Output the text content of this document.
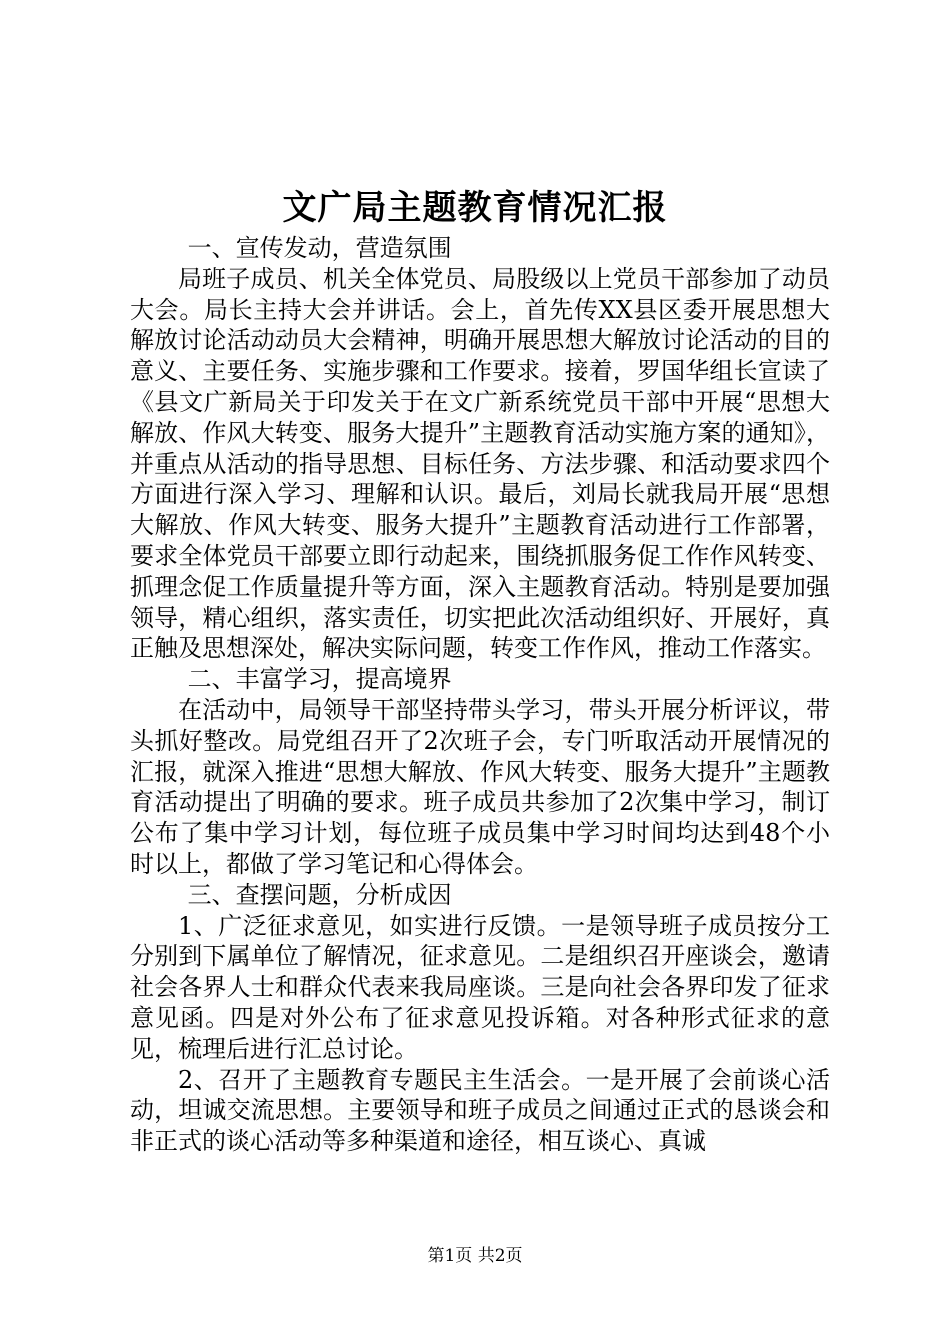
文广局主题教育情况汇报

一、宣传发动，营造氛围

局班子成员、机关全体党员、局股级以上党员干部参加了动员大会。局长主持大会并讲话。会上，首先传XX县区委开展思想大解放讨论活动动员大会精神，明确开展思想大解放讨论活动的目的意义、主要任务、实施步骤和工作要求。接着，罗国华组长宣读了《县文广新局关于印发关于在文广新系统党员干部中开展“思想大解放、作风大转变、服务大提升”主题教育活动实施方案的通知》，并重点从活动的指导思想、目标任务、方法步骤、和活动要求四个方面进行深入学习、理解和认识。最后，刘局长就我局开展“思想大解放、作风大转变、服务大提升”主题教育活动进行工作部署，要求全体党员干部要立即行动起来，围绕抓服务促工作作风转变、抓理念促工作质量提升等方面，深入主题教育活动。特别是要加强领导，精心组织，落实责任，切实把此次活动组织好、开展好，真正触及思想深处，解决实际问题，转变工作作风，推动工作落实。

二、丰富学习，提高境界

在活动中，局领导干部坚持带头学习，带头开展分析评议，带头抓好整改。局党组召开了2次班子会，专门听取活动开展情况的汇报，就深入推进“思想大解放、作风大转变、服务大提升”主题教育活动提出了明确的要求。班子成员共参加了2次集中学习，制订公布了集中学习计划，每位班子成员集中学习时间均达到48个小时以上，都做了学习笔记和心得体会。

三、查摆问题，分析成因

1、广泛征求意见，如实进行反馈。一是领导班子成员按分工分别到下属单位了解情况，征求意见。二是组织召开座谈会，邀请社会各界人士和群众代表来我局座谈。三是向社会各界印发了征求意见函。四是对外公布了征求意见投诉箱。对各种形式征求的意见，梳理后进行汇总讨论。

2、召开了主题教育专题民主生活会。一是开展了会前谈心活动，坦诚交流思想。主要领导和班子成员之间通过正式的恳谈会和非正式的谈心活动等多种渠道和途径，相互谈心、真诚

第1页 共2页
